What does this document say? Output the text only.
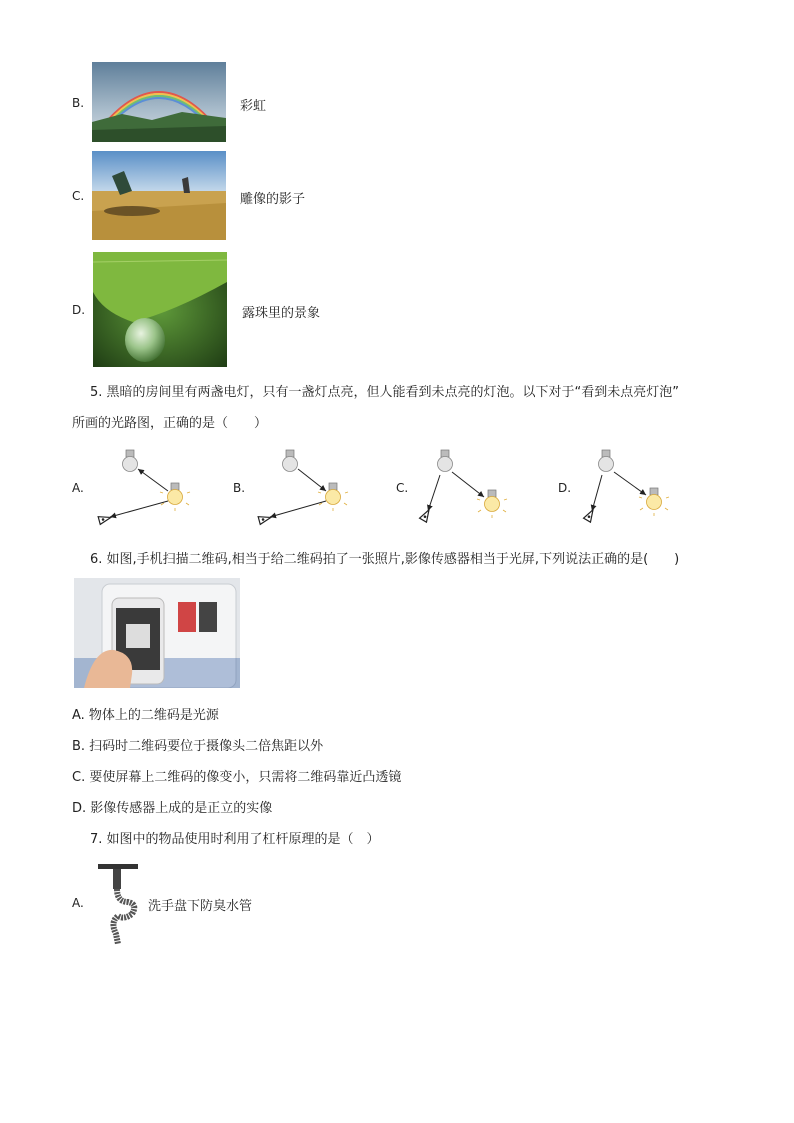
B.	彩虹
C.	雕像的影子
D.	露珠里的景象
5. 黑暗的房间里有两盏电灯，只有一盏灯点亮，但人能看到未点亮的灯泡。以下对于“看到未点亮灯泡”
所画的光路图，正确的是（　　）
A.	B.	C.	D.
6. 如图,手机扫描二维码,相当于给二维码拍了一张照片,影像传感器相当于光屏,下列说法正确的是(　　)
A. 物体上的二维码是光源
B. 扫码时二维码要位于摄像头二倍焦距以外
C. 要使屏幕上二维码的像变小，只需将二维码靠近凸透镜
D. 影像传感器上成的是正立的实像
7. 如图中的物品使用时利用了杠杆原理的是（　）
A.	洗手盘下防臭水管
